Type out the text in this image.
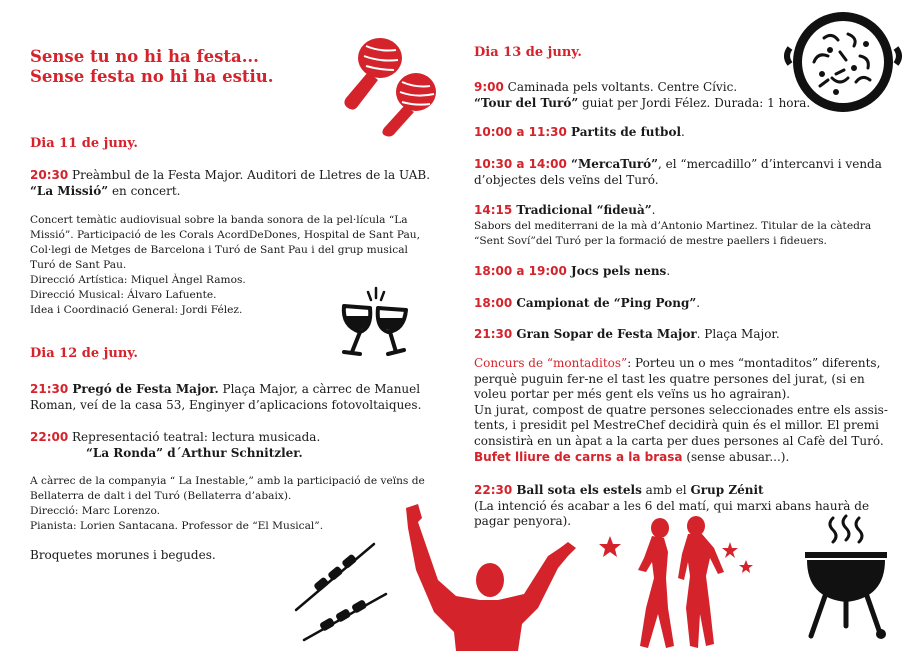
Sense tu no hi ha festa...
Sense festa no hi ha estiu.
Dia 11 de juny.
20:30 Preàmbul de la Festa Major. Auditori de Lletres de la UAB.
“La Missió” en concert.
Concert temàtic audiovisual sobre la banda sonora de la pel·lícula “La
Missió”. Participació de les Corals AcordDeDones, Hospital de Sant Pau,
Col·legi de Metges de Barcelona i Turó de Sant Pau i del grup musical
Turó de Sant Pau.
Direcció Artística: Miquel Àngel Ramos.
Direcció Musical: Álvaro Lafuente.
Idea i Coordinació General: Jordi Félez.
Dia 12 de juny.
21:30 Pregó de Festa Major. Plaça Major, a càrrec de Manuel
Roman, veí de la casa 53, Enginyer d’aplicacions fotovoltaiques.
22:00 Representació teatral: lectura musicada.
“La Ronda” d´Arthur Schnitzler.
A càrrec de la companyia “ La Inestable,” amb la participació de veïns de
Bellaterra de dalt i del Turó (Bellaterra d’abaix).
Direcció: Marc Lorenzo.
Pianista: Lorien Santacana. Professor de “El Musical”.
Broquetes morunes i begudes.
Dia 13 de juny.
9:00 Caminada pels voltants. Centre Cívic.
“Tour del Turó” guiat per Jordi Félez. Durada: 1 hora.
10:00 a 11:30 Partits de futbol.
10:30 a 14:00 “MercaTuró”, el “mercadillo” d’intercanvi i venda
d’objectes dels veïns del Turó.
14:15 Tradicional “fideuà”.
Sabors del mediterrani de la mà d’Antonio Martinez. Titular de la càtedra
“Sent Soví”del Turó per la formació de mestre paellers i fideuers.
18:00 a 19:00 Jocs pels nens.
18:00 Campionat de “Ping Pong”.
21:30 Gran Sopar de Festa Major. Plaça Major.
Concurs de “montaditos”: Porteu un o mes “montaditos” diferents,
perquè puguin fer-ne el tast les quatre persones del jurat, (si en
voleu portar per més gent els veïns us ho agrairan).
Un jurat, compost de quatre persones seleccionades entre els assis-
tents, i presidit pel MestreChef decidirà quin és el millor. El premi
consistirà en un àpat a la carta per dues persones al Cafè del Turó.
Bufet lliure de carns a la brasa (sense abusar...).
22:30 Ball sota els estels amb el Grup Zénit
(La intenció és acabar a les 6 del matí, qui marxi abans haurà de
pagar penyora).
